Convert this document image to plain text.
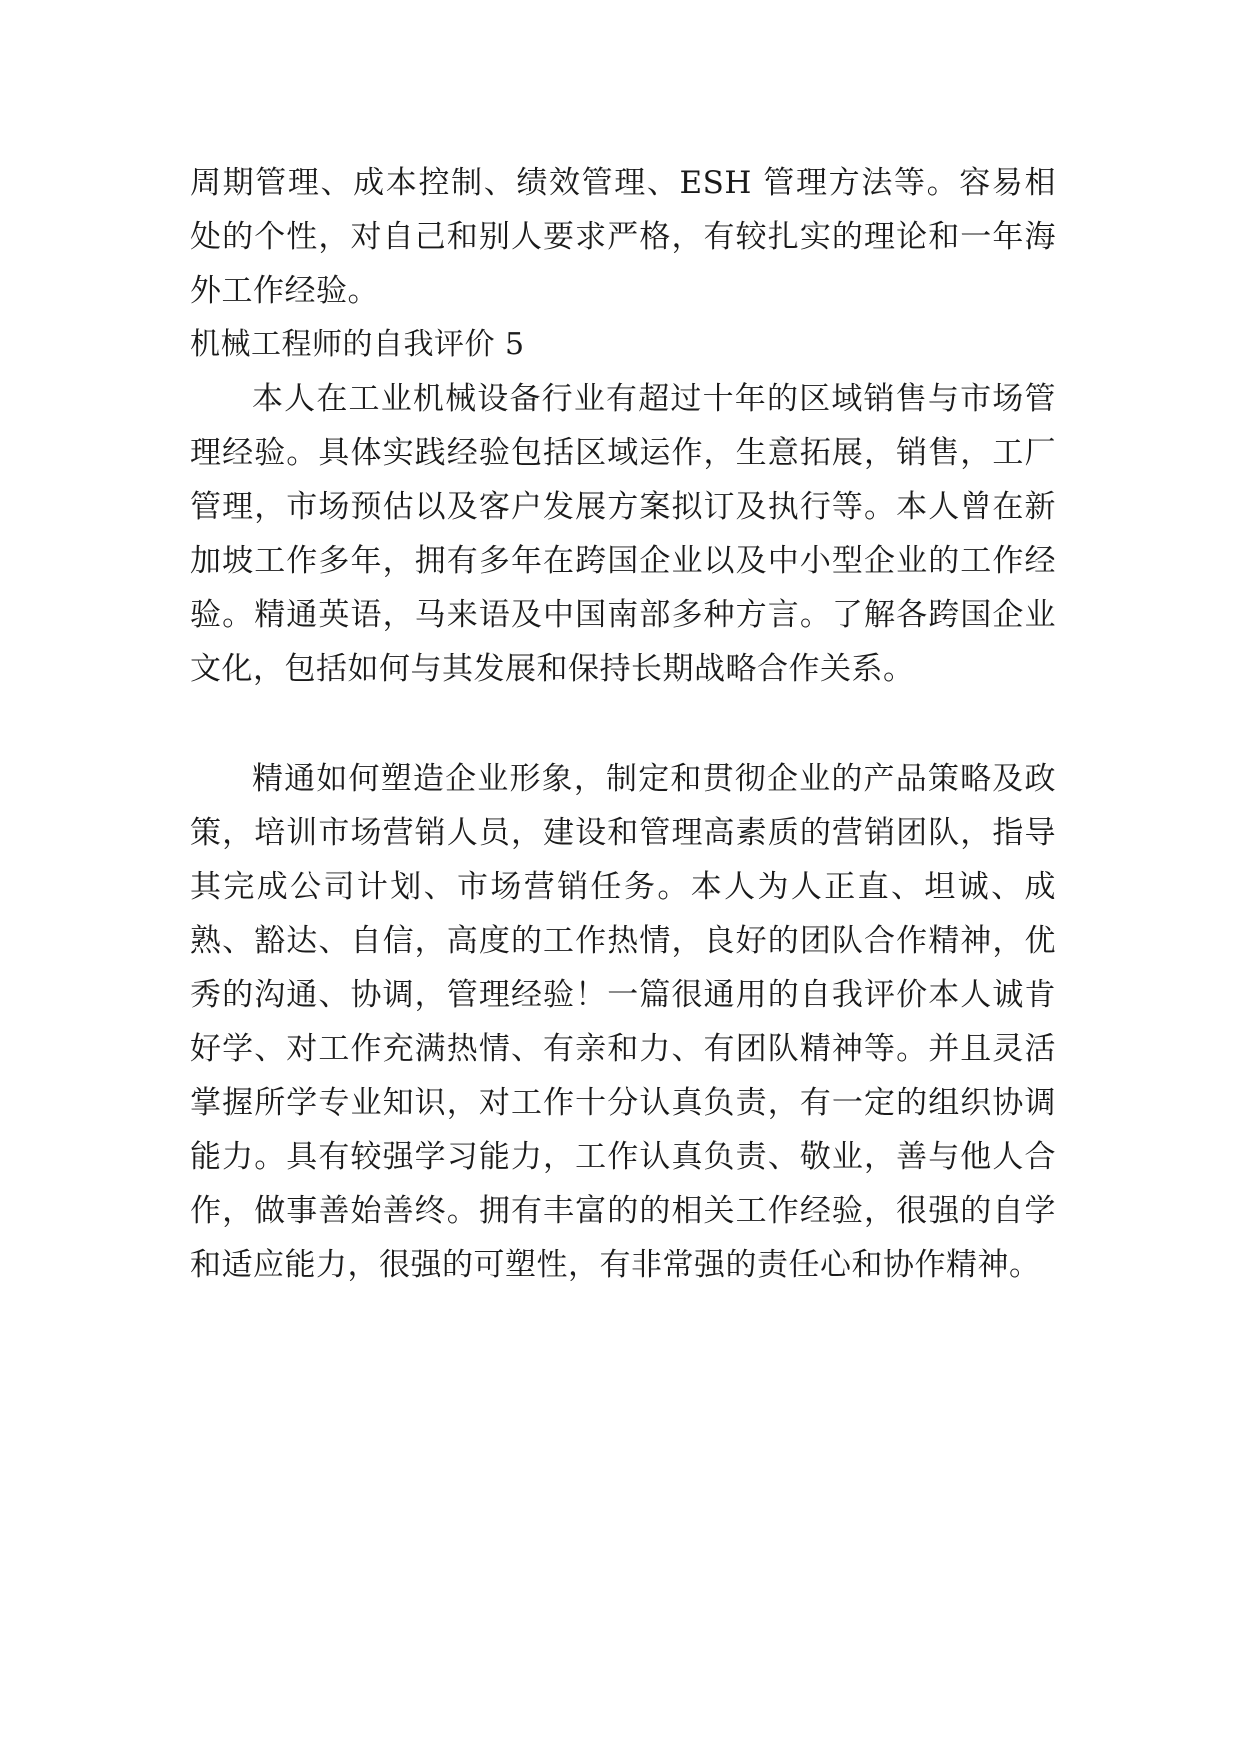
周期管理、成本控制、绩效管理、ESH 管理方法等。容易相处的个性，对自己和别人要求严格，有较扎实的理论和一年海外工作经验。

机械工程师的自我评价 5

本人在工业机械设备行业有超过十年的区域销售与市场管理经验。具体实践经验包括区域运作，生意拓展，销售，工厂管理，市场预估以及客户发展方案拟订及执行等。本人曾在新加坡工作多年，拥有多年在跨国企业以及中小型企业的工作经验。精通英语，马来语及中国南部多种方言。了解各跨国企业文化，包括如何与其发展和保持长期战略合作关系。

精通如何塑造企业形象，制定和贯彻企业的产品策略及政策，培训市场营销人员，建设和管理高素质的营销团队，指导其完成公司计划、市场营销任务。本人为人正直、坦诚、成熟、豁达、自信，高度的工作热情，良好的团队合作精神，优秀的沟通、协调，管理经验！一篇很通用的自我评价本人诚肯好学、对工作充满热情、有亲和力、有团队精神等。并且灵活掌握所学专业知识，对工作十分认真负责，有一定的组织协调能力。具有较强学习能力，工作认真负责、敬业，善与他人合作，做事善始善终。拥有丰富的的相关工作经验，很强的自学和适应能力，很强的可塑性，有非常强的责任心和协作精神。
